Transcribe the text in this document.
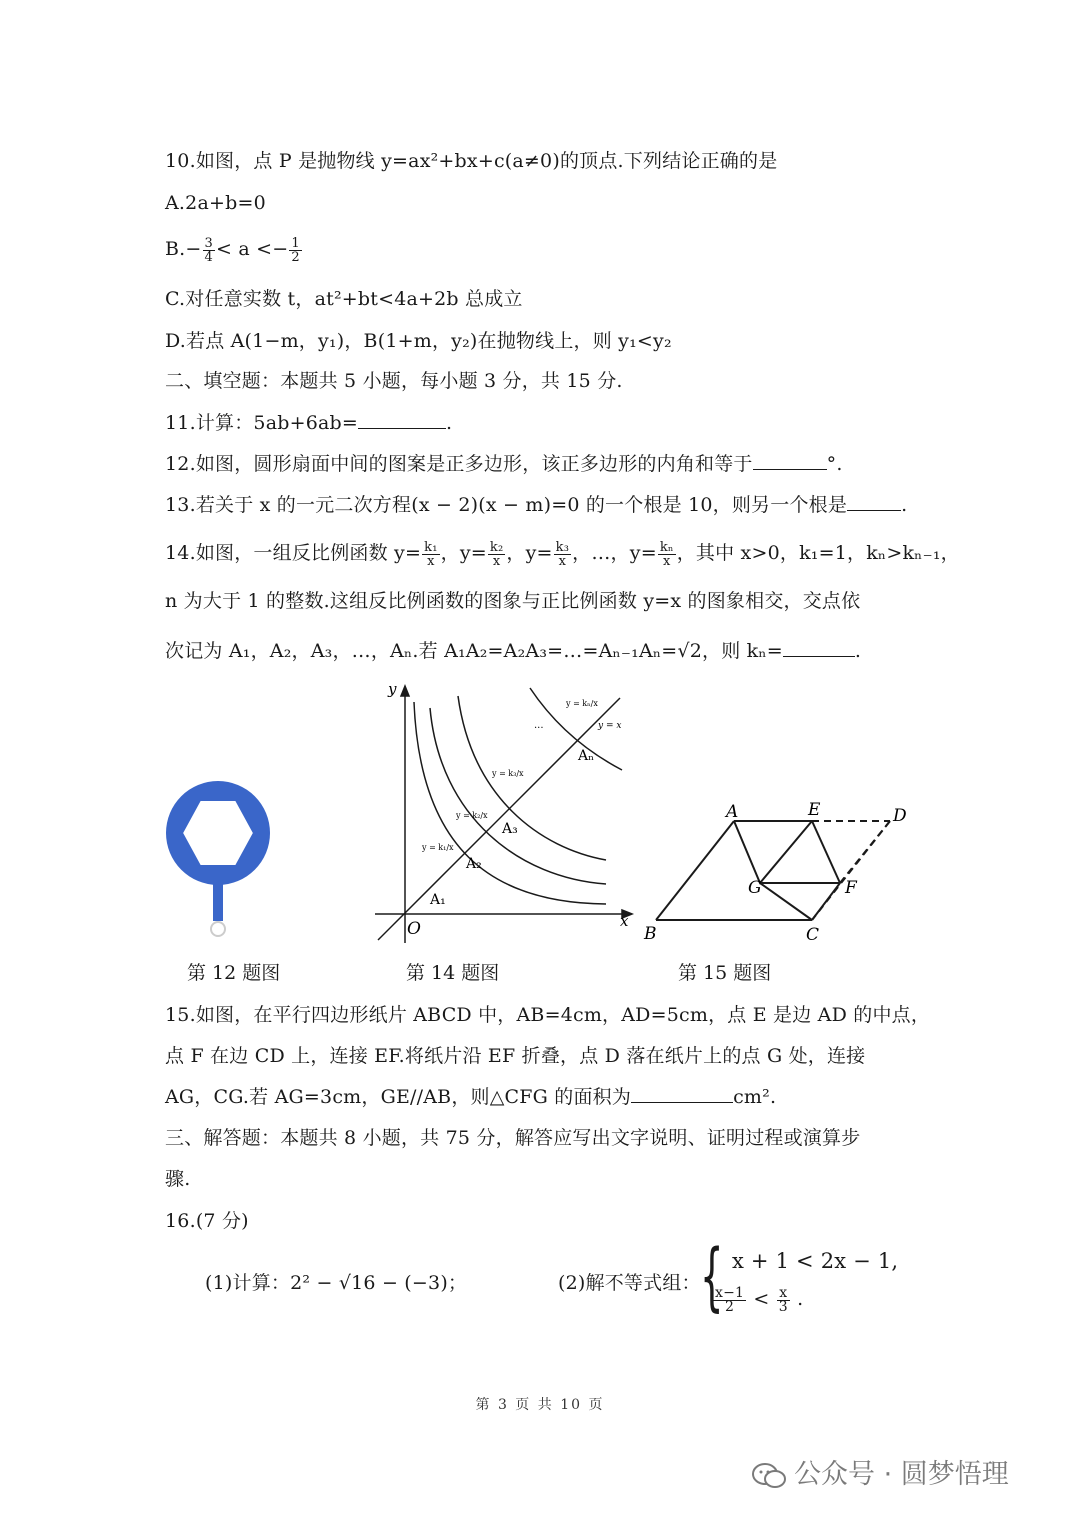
10.如图，点 P 是抛物线 y=ax²+bx+c(a≠0)的顶点.下列结论正确的是
A.2a+b=0
$B.- \frac{3}{4} < a <- \frac{1}{2}$
C.对任意实数 t，at²+bt<4a+2b 总成立
D.若点 A(1−m，y₁)，B(1+m，y₂)在抛物线上，则 y₁<y₂
二、填空题：本题共 5 小题，每小题 3 分，共 15 分.
11.计算：5ab+6ab=	.
12.如图，圆形扇面中间的图案是正多边形，该正多边形的内角和等于	°.
13.若关于 x 的一元二次方程(x − 2)(x − m)=0 的一个根是 10，则另一个根是	.
14.如图，一组反比例函数 $y= \frac{\text{k₁}}{x}$ ，$y= \frac{\text{k₂}}{x}$ ，$y= \frac{\text{k₃}}{x}$ ，…，$y= \frac{\text{kₙ}}{x}$ ，其中 x>0，k₁=1，kₙ>kₙ₋₁，
n 为大于 1 的整数.这组反比例函数的图象与正比例函数 y=x 的图象相交，交点依
次记为 A₁，A₂，A₃，…，Aₙ.若 A₁A₂=A₂A₃=…=Aₙ₋₁Aₙ=√2，则 kₙ=	.
y
x
O
A₁
A₂
A₃
Aₙ
y = k₁/x
y = k₂/x
y = k₃/x
y = kₙ/x
y = x
...
A	E	D
B	C
F
G
第 12 题图	第 14 题图	第 15 题图
15.如图，在平行四边形纸片 ABCD 中，AB=4cm，AD=5cm，点 E 是边 AD 的中点，
点 F 在边 CD 上，连接 EF.将纸片沿 EF 折叠，点 D 落在纸片上的点 G 处，连接
AG，CG.若 AG=3cm，GE//AB，则△CFG 的面积为	cm².
三、解答题：本题共 8 小题，共 75 分，解答应写出文字说明、证明过程或演算步
骤.
16.(7 分)
(1)计算：2² − √16 − (−3)；	(2)解不等式组： { x + 1 < 2x − 1,
$\frac{x-1}{2} < \frac{x}{3}$ .
第 3 页 共 10 页
公众号 · 圆梦悟理
